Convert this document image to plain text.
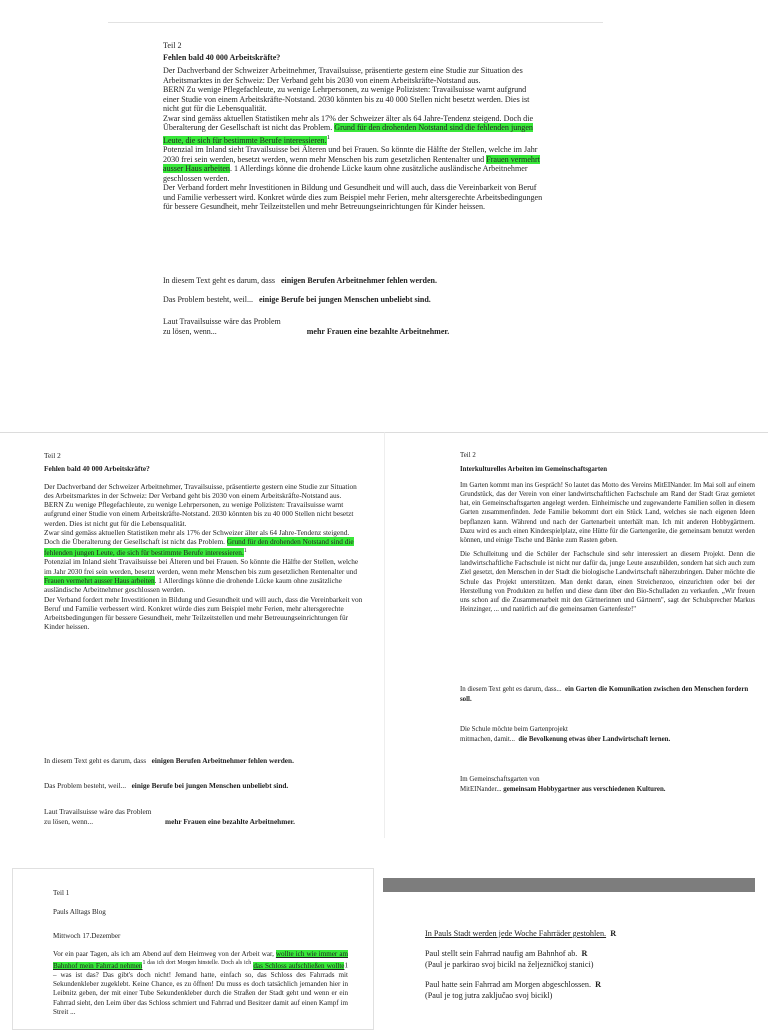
Teil 2

Fehlen bald 40 000 Arbeitskräfte?

Der Dachverband der Schweizer Arbeitnehmer, Travailsuisse, präsentierte gestern eine Studie zur Situation des Arbeitsmarktes in der Schweiz: Der Verband geht bis 2030 von einem Arbeitskräfte-Notstand aus.

BERN Zu wenige Pflegefachleute, zu wenige Lehrpersonen, zu wenige Polizisten: Travailsuisse warnt aufgrund einer Studie von einem Arbeitskräfte-Notstand. 2030 könnten bis zu 40 000 Stellen nicht besetzt werden. Dies ist nicht gut für die Lebensqualität.

Zwar sind gemäss aktuellen Statistiken mehr als 17% der Schweizer älter als 64 Jahre-Tendenz steigend. Doch die Überalterung der Gesellschaft ist nicht das Problem. Grund für den drohenden Notstand sind die fehlenden jungen Leute, die sich für bestimmte Berufe interessieren.$^1$

Potenzial im Inland sieht Travailsuisse bei Älteren und bei Frauen. So könnte die Hälfte der Stellen, welche im Jahr 2030 frei sein werden, besetzt werden, wenn mehr Menschen bis zum gesetzlichen Rentenalter und Frauen vermehrt ausser Haus arbeiten. 1 Allerdings könne die drohende Lücke kaum ohne zusätzliche ausländische Arbeitnehmer geschlossen werden.

Der Verband fordert mehr Investitionen in Bildung und Gesundheit und will auch, dass die Vereinbarkeit von Beruf und Familie verbessert wird. Konkret würde dies zum Beispiel mehr Ferien, mehr altersgerechte Arbeitsbedingungen für bessere Gesundheit, mehr Teilzeitstellen und mehr Betreuungseinrichtungen für Kinder heissen.

In diesem Text geht es darum, dass einigen Berufen Arbeitnehmer fehlen werden.
Das Problem besteht, weil... einige Berufe bei jungen Menschen unbeliebt sind.
Laut Travailsuisse wäre das Problem
zu lösen, wenn...	mehr Frauen eine bezahlte Arbeitnehmer.

Teil 2

Fehlen bald 40 000 Arbeitskräfte?

Der Dachverband der Schweizer Arbeitnehmer, Travailsuisse, präsentierte gestern eine Studie zur Situation des Arbeitsmarktes in der Schweiz: Der Verband geht bis 2030 von einem Arbeitskräfte-Notstand aus.

BERN Zu wenige Pflegefachleute, zu wenige Lehrpersonen, zu wenige Polizisten: Travailsuisse warnt aufgrund einer Studie von einem Arbeitskräfte-Notstand. 2030 könnten bis zu 40 000 Stellen nicht besetzt werden. Dies ist nicht gut für die Lebensqualität.

Zwar sind gemäss aktuellen Statistiken mehr als 17% der Schweizer älter als 64 Jahre-Tendenz steigend. Doch die Überalterung der Gesellschaft ist nicht das Problem. Grund für den drohenden Notstand sind die fehlenden jungen Leute, die sich für bestimmte Berufe interessieren.$^1$

Potenzial im Inland sieht Travailsuisse bei Älteren und bei Frauen. So könnte die Hälfte der Stellen, welche im Jahr 2030 frei sein werden, besetzt werden, wenn mehr Menschen bis zum gesetzlichen Rentenalter und Frauen vermehrt ausser Haus arbeiten. 1 Allerdings könne die drohende Lücke kaum ohne zusätzliche ausländische Arbeitnehmer geschlossen werden.

Der Verband fordert mehr Investitionen in Bildung und Gesundheit und will auch, dass die Vereinbarkeit von Beruf und Familie verbessert wird. Konkret würde dies zum Beispiel mehr Ferien, mehr altersgerechte Arbeitsbedingungen für bessere Gesundheit, mehr Teilzeitstellen und mehr Betreuungseinrichtungen für Kinder heissen.

In diesem Text geht es darum, dass einigen Berufen Arbeitnehmer fehlen werden.
Das Problem besteht, weil... einige Berufe bei jungen Menschen unbeliebt sind.
Laut Travailsuisse wäre das Problem
zu lösen, wenn...	mehr Frauen eine bezahlte Arbeitnehmer.

Teil 2

Interkulturelles Arbeiten im Gemeinschaftsgarten

Im Garten kommt man ins Gespräch! So lautet das Motto des Vereins MitEINander. Im Mai soll auf einem Grundstück, das der Verein von einer landwirtschaftlichen Fachschule am Rand der Stadt Graz gemietet hat, ein Gemeinschaftsgarten angelegt werden. Einheimische und zugewanderte Familien sollen in diesem Garten zusammenfinden. Jede Familie bekommt dort ein Stück Land, welches sie nach eigenen Ideen bepflanzen kann. Während und nach der Gartenarbeit unterhält man. Ich mit anderen Hobbygärtnern. Dazu wird es auch einen Kinderspielplatz, eine Hütte für die Gartengeräte, die gemeinsam benutzt werden können, und einige Tische und Bänke zum Rasten geben.

Die Schulleitung und die Schüler der Fachschule sind sehr interessiert an diesem Projekt. Denn die landwirtschaftliche Fachschule ist nicht nur dafür da, junge Leute auszubilden, sondern hat sich auch zum Ziel gesetzt, den Menschen in der Stadt die biologische Landwirtschaft näherzubringen. Daher möchte die Schule das Projekt unterstützen. Man denkt daran, einen Streichenzoo, einzurichten oder bei der Herstellung von Produkten zu helfen und diese dann über den Bio-Schulladen zu verkaufen. „Wir freuen uns schon auf die Zusammenarbeit mit den Gärtnerinnen und Gärtnern", sagt der Schulsprecher Markus Heinzinger, ... und natürlich auf die gemeinsamen Gartenfeste!"

In diesem Text geht es darum, dass... ein Garten die Komunikation zwischen den Menschen fordern soll.
Die Schule möchte beim Gartenprojekt
mitmachen, damit... die Bevolkenung etwas über Landwirtschaft lernen.
Im Gemeinschaftsgarten von
MitEINander... gemeinsam Hobbygartner aus verschiedenen Kulturen.

Teil 1

Pauls Alltags Blog

Mittwoch 17.Dezember

Vor ein paar Tagen, als ich am Abend auf dem Heimweg von der Arbeit war, wollte ich wie immer am Bahnhof mein Fahrrad nehmen$^{1 das ich dort Morgen hinstelle. Doch als ich}$ das Schloss aufschließen wollte1 – was ist das? Das gibt's doch nicht! Jemand hatte, einfach so, das Schloss des Fahrrads mit Sekundenkleber zugeklebt. Keine Chance, es zu öffnen! Du muss es doch tatsächlich jemanden hier in Leibnitz geben, der mit einer Tube Sekundenkleber durch die Straßen der Stadt geht und wenn er ein Fahrrad sieht, den Leim über das Schloss schmiert und Fahrrad und Besitzer damit auf einen Kampf im Streit ...

In Pauls Stadt werden jede Woche Fahrräder gestohlen. R
Paul stellt sein Fahrrad naufig am Bahnhof ab. R
(Paul je parkirao svoj bicikl na željezničkoj stanici)
Paul hatte sein Fahrrad am Morgen abgeschlossen. R
(Paul je tog jutra zaključao svoj bicikl)
